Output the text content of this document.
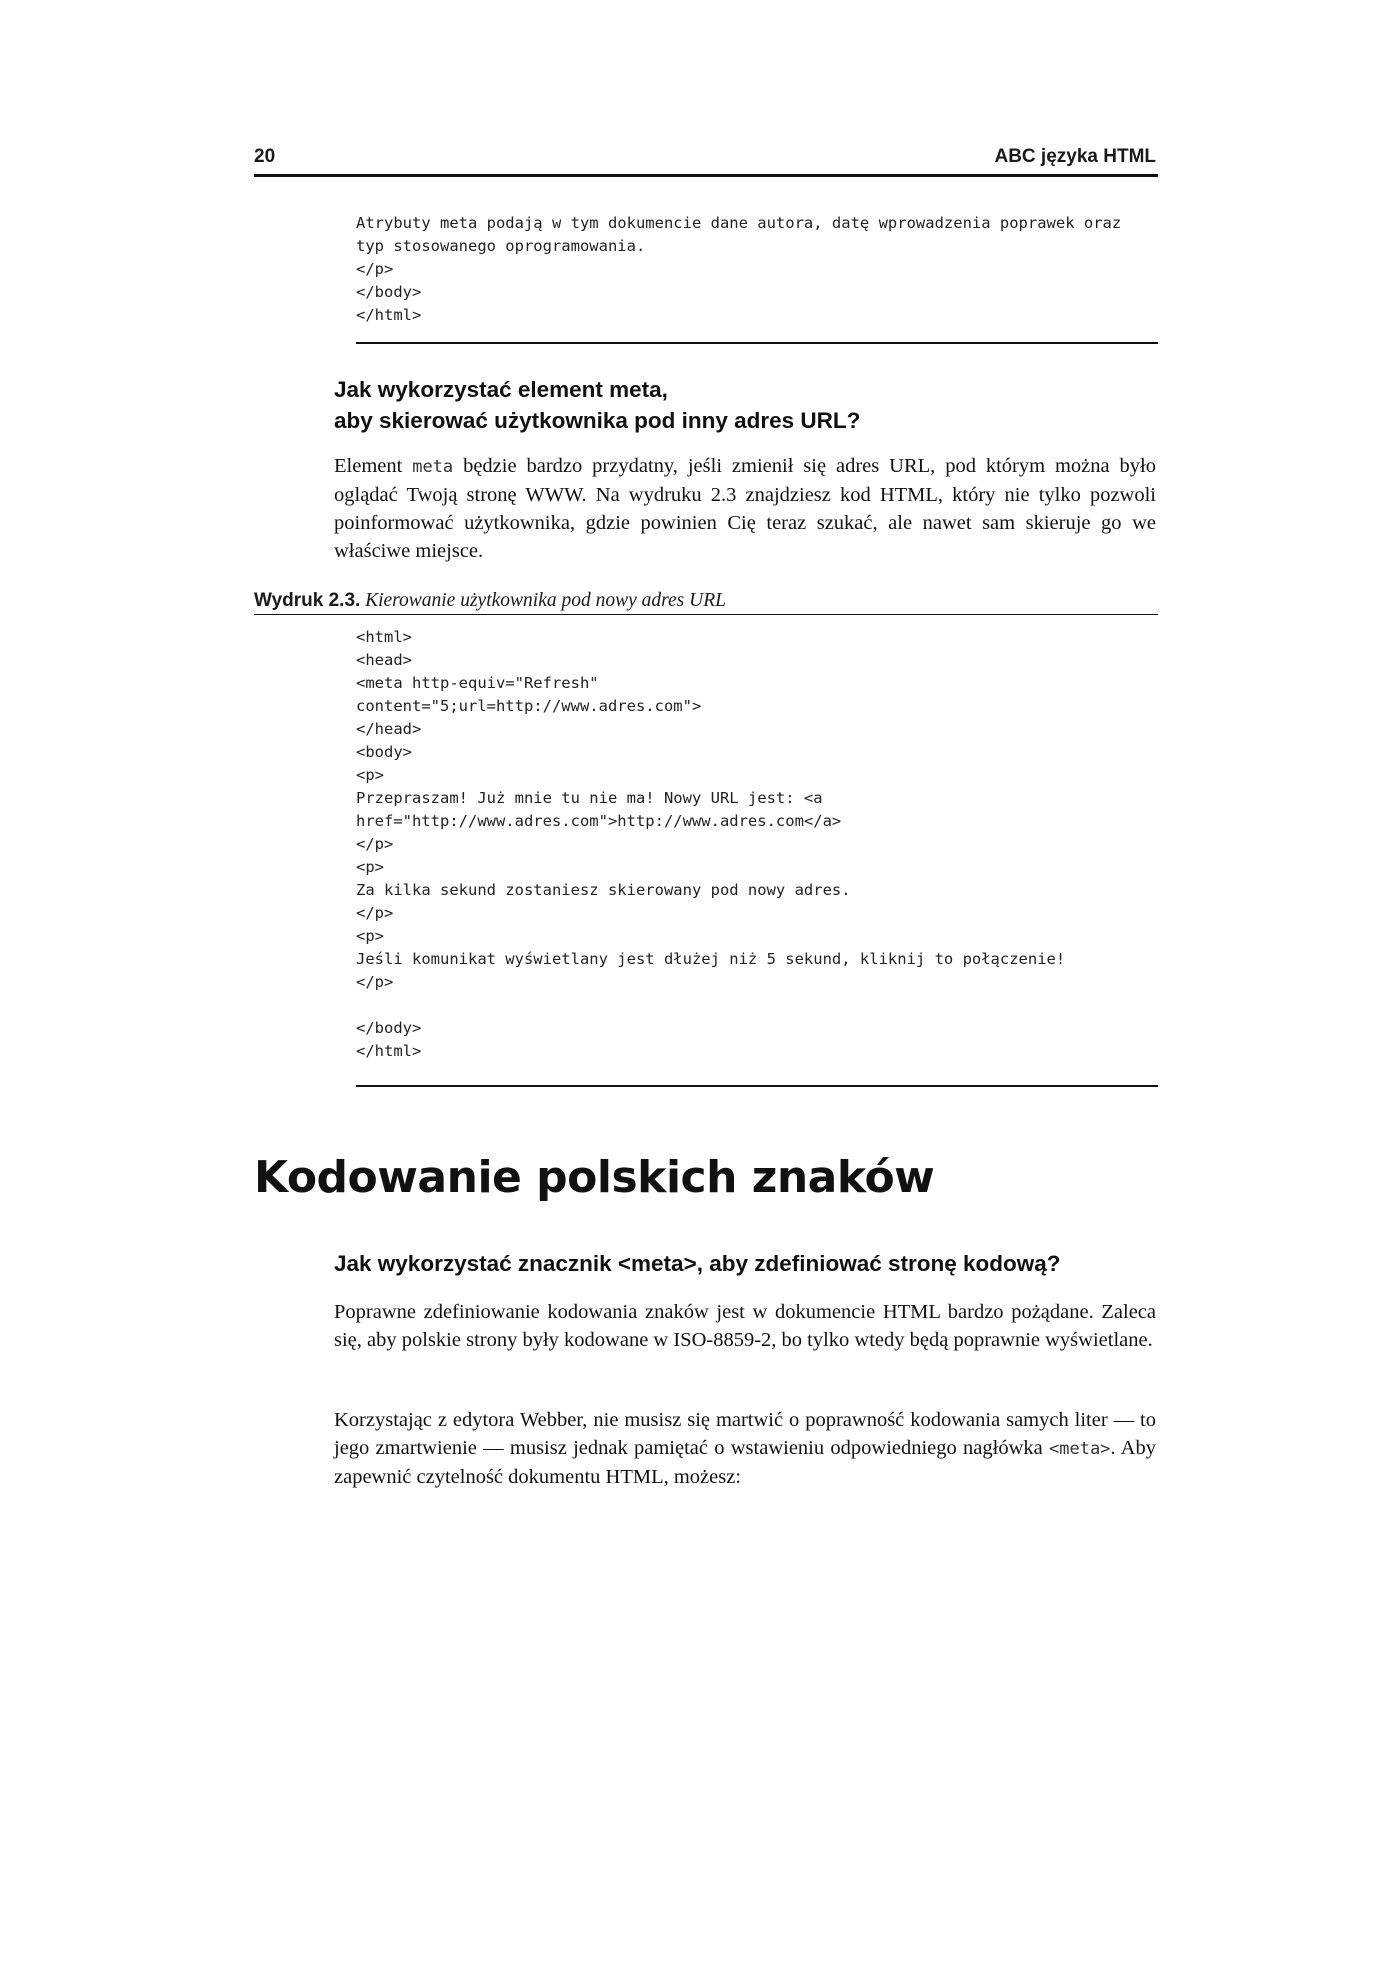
20	ABC języka HTML
Atrybuty meta podają w tym dokumencie dane autora, datę wprowadzenia poprawek oraz
typ stosowanego oprogramowania.
</p>
</body>
</html>
Jak wykorzystać element meta,
aby skierować użytkownika pod inny adres URL?
Element meta będzie bardzo przydatny, jeśli zmienił się adres URL, pod którym można było oglądać Twoją stronę WWW. Na wydruku 2.3 znajdziesz kod HTML, który nie tylko pozwoli poinformować użytkownika, gdzie powinien Cię teraz szukać, ale nawet sam skieruje go we właściwe miejsce.
Wydruk 2.3. Kierowanie użytkownika pod nowy adres URL
<html>
<head>
<meta http-equiv="Refresh"
content="5;url=http://www.adres.com">
</head>
<body>
<p>
Przepraszam! Już mnie tu nie ma! Nowy URL jest: <a
href="http://www.adres.com">http://www.adres.com</a>
</p>
<p>
Za kilka sekund zostaniesz skierowany pod nowy adres.
</p>
<p>
Jeśli komunikat wyświetlany jest dłużej niż 5 sekund, kliknij to połączenie!
</p>
</body>
</html>
Kodowanie polskich znaków
Jak wykorzystać znacznik <meta>, aby zdefiniować stronę kodową?
Poprawne zdefiniowanie kodowania znaków jest w dokumencie HTML bardzo pożądane. Zaleca się, aby polskie strony były kodowane w ISO-8859-2, bo tylko wtedy będą poprawnie wyświetlane.
Korzystając z edytora Webber, nie musisz się martwić o poprawność kodowania samych liter — to jego zmartwienie — musisz jednak pamiętać o wstawieniu odpowiedniego nagłówka <meta>. Aby zapewnić czytelność dokumentu HTML, możesz:
